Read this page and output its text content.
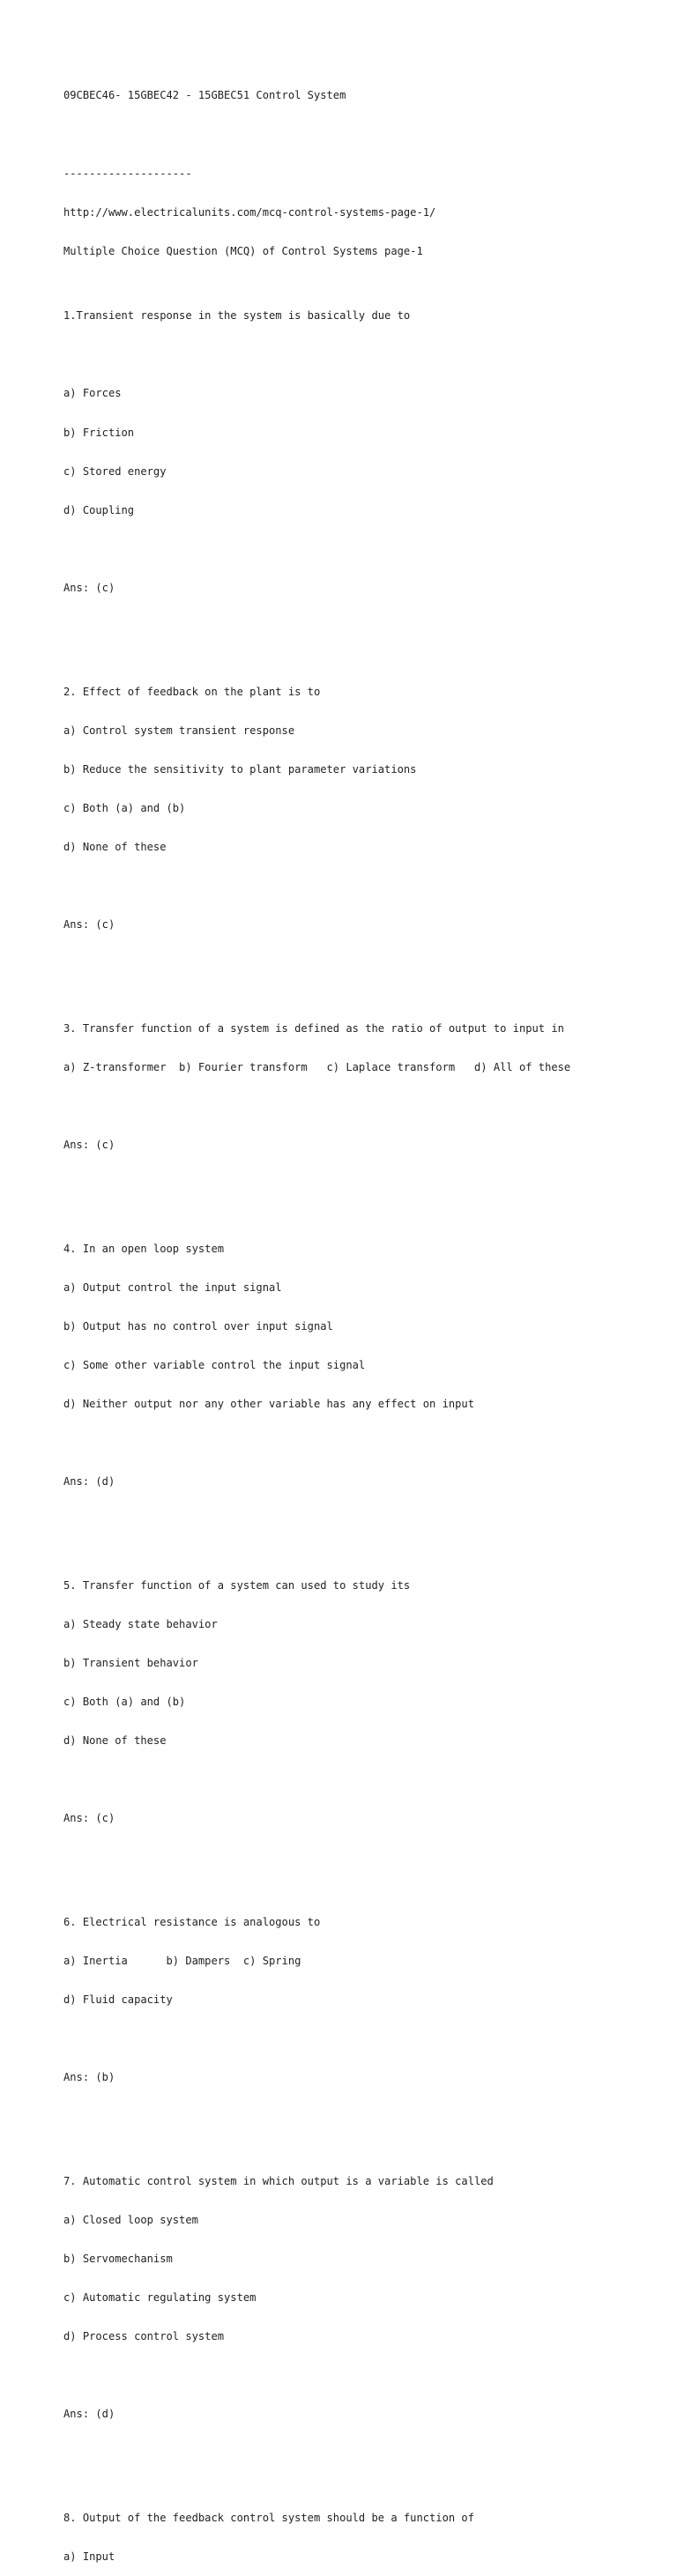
09CBEC46- 15GBEC42 - 15GBEC51 Control System

--------------------

http://www.electricalunits.com/mcq-control-systems-page-1/

Multiple Choice Question (MCQ) of Control Systems page-1

1.Transient response in the system is basically due to

a) Forces

b) Friction

c) Stored energy

d) Coupling

Ans: (c)

2. Effect of feedback on the plant is to

a) Control system transient response

b) Reduce the sensitivity to plant parameter variations

c) Both (a) and (b)

d) None of these

Ans: (c)

3. Transfer function of a system is defined as the ratio of output to input in

a) Z-transformer  b) Fourier transform   c) Laplace transform   d) All of these

Ans: (c)

4. In an open loop system

a) Output control the input signal

b) Output has no control over input signal

c) Some other variable control the input signal

d) Neither output nor any other variable has any effect on input

Ans: (d)

5. Transfer function of a system can used to study its

a) Steady state behavior

b) Transient behavior

c) Both (a) and (b)

d) None of these

Ans: (c)

6. Electrical resistance is analogous to

a) Inertia      b) Dampers  c) Spring

d) Fluid capacity

Ans: (b)

7. Automatic control system in which output is a variable is called

a) Closed loop system

b) Servomechanism

c) Automatic regulating system

d) Process control system

Ans: (d)

8. Output of the feedback control system should be a function of

a) Input
